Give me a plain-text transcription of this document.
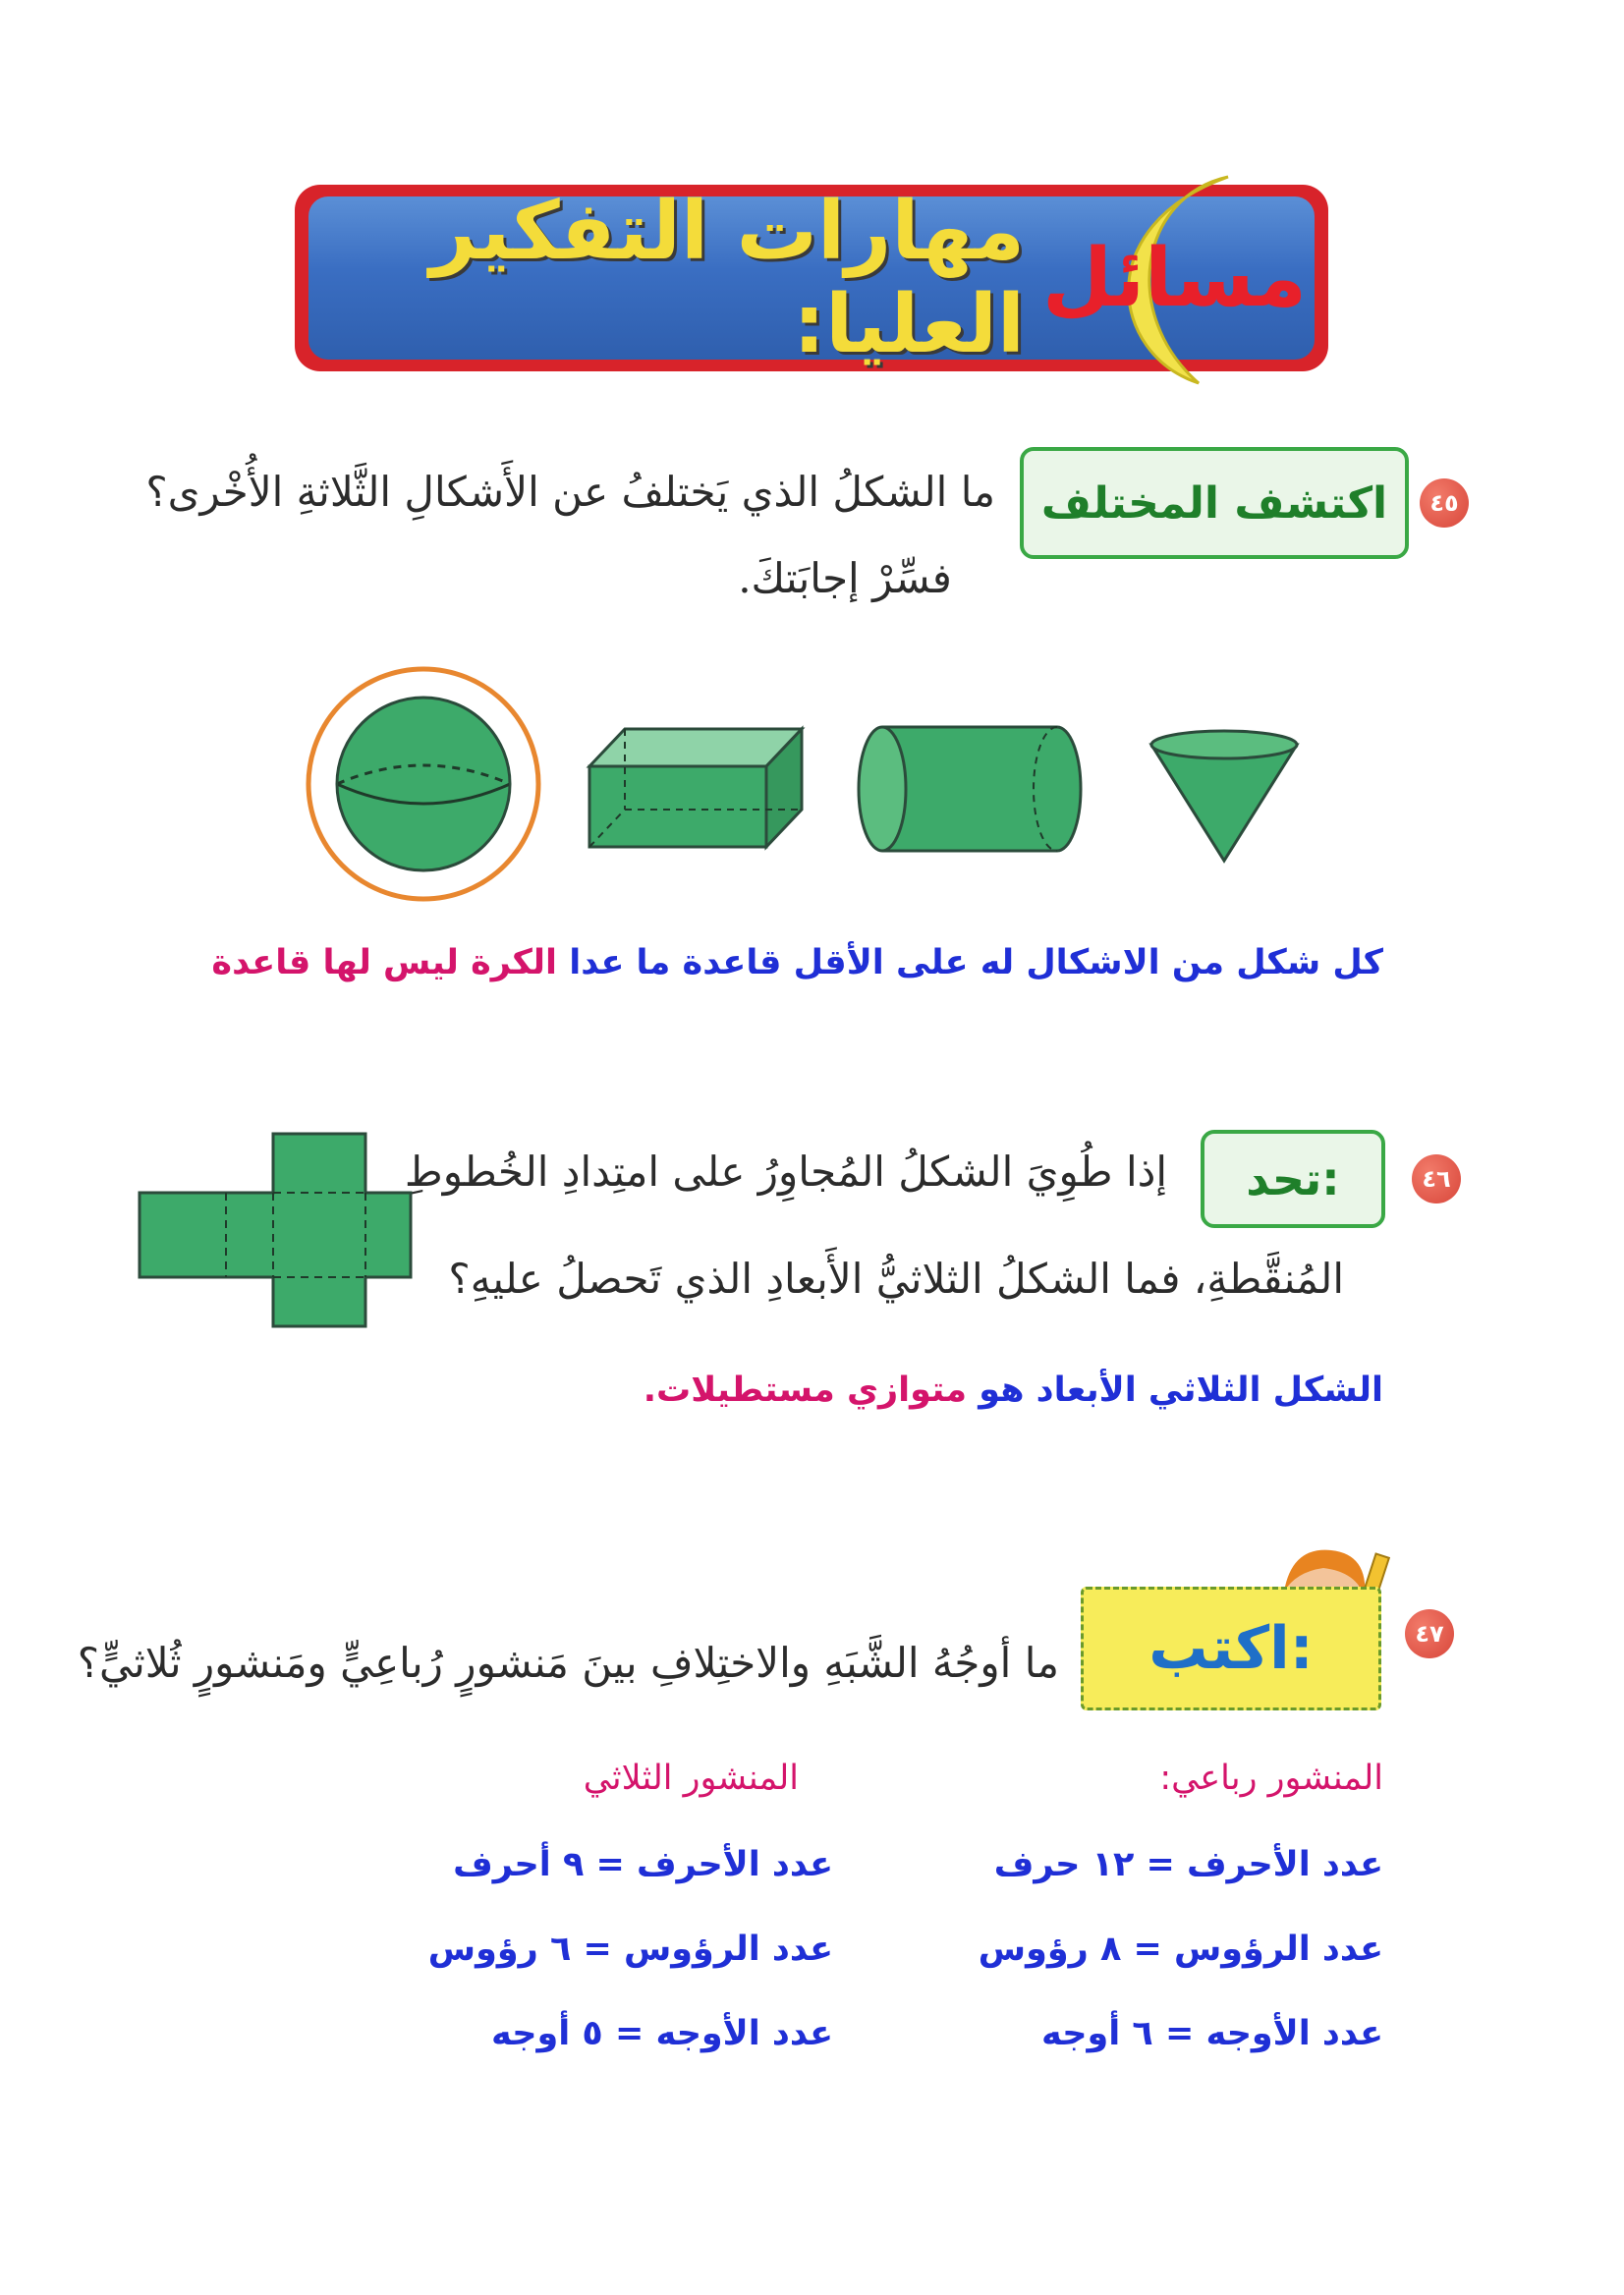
مسائل
مهارات التفكير العليا:
٤٥
اكتشف المختلف
ما الشكلُ الذي يَختلفُ عن الأَشكالِ الثَّلاثةِ الأُخْرى؟
فسِّرْ إجابَتكَ.
كل شكل من الاشكال له على الأقل قاعدة ما عدا الكرة ليس لها قاعدة
٤٦
تحد:
إذا طُوِيَ الشكلُ المُجاوِرُ على امتِدادِ الخُطوطِ
المُنقَّطةِ، فما الشكلُ الثلاثيُّ الأَبعادِ الذي تَحصلُ عليهِ؟
الشكل الثلاثي الأبعاد هو متوازي مستطيلات.
٤٧
اكتب:
ما أوجُهُ الشَّبَهِ والاختِلافِ بينَ مَنشورٍ رُباعِيٍّ ومَنشورٍ ثُلاثيٍّ؟
المنشور رباعي:
المنشور الثلاثي
عدد الأحرف = ١٢ حرف
عدد الرؤوس = ٨ رؤوس
عدد الأوجه = ٦ أوجه
عدد الأحرف = ٩ أحرف
عدد الرؤوس = ٦ رؤوس
عدد الأوجه = ٥ أوجه
